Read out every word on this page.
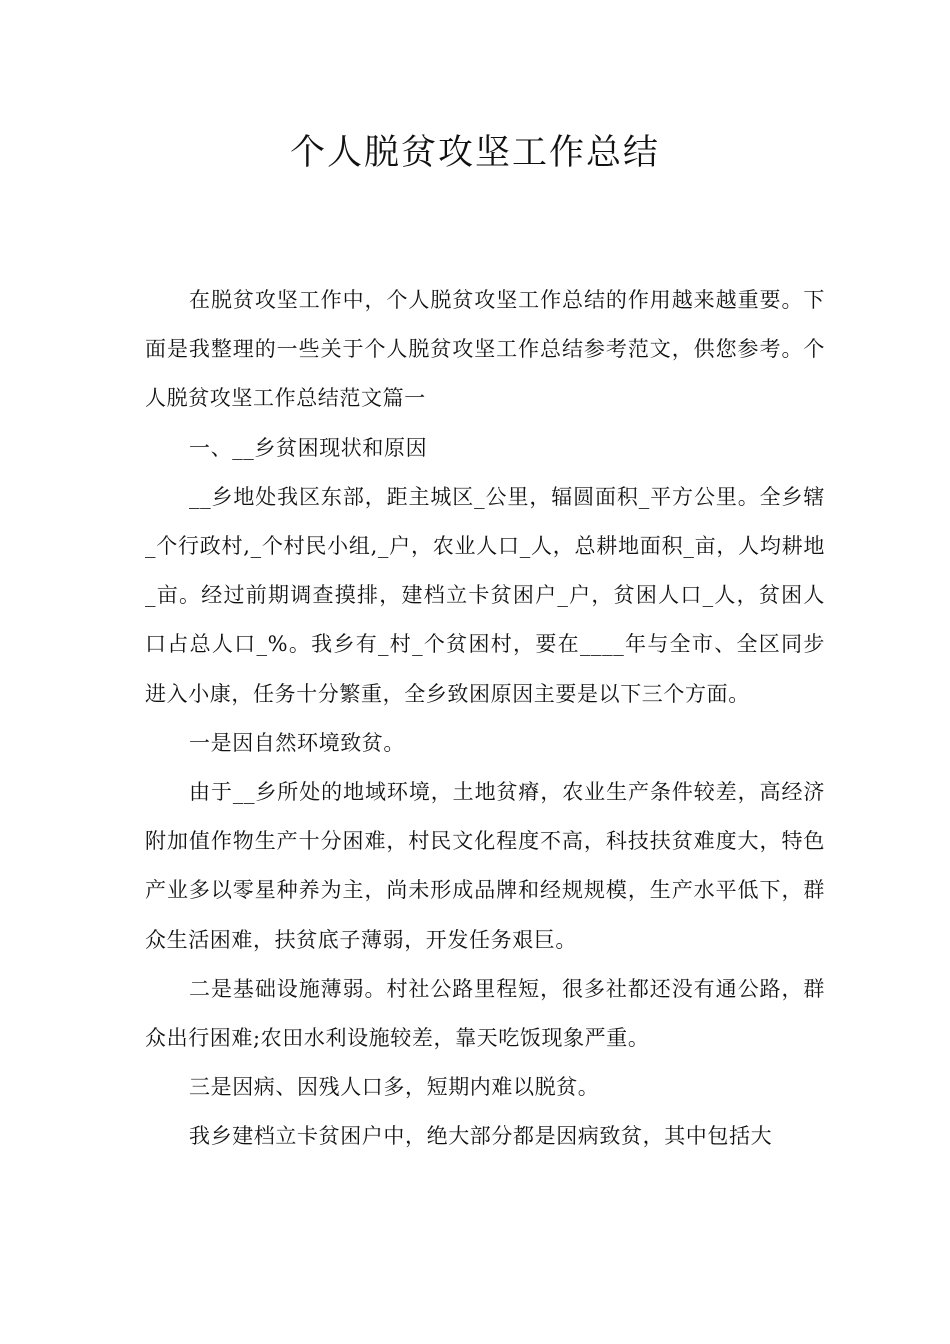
个人脱贫攻坚工作总结

在脱贫攻坚工作中，个人脱贫攻坚工作总结的作用越来越重要。下面是我整理的一些关于个人脱贫攻坚工作总结参考范文，供您参考。个人脱贫攻坚工作总结范文篇一

一、__乡贫困现状和原因

__乡地处我区东部，距主城区_公里，辐圆面积_平方公里。全乡辖_个行政村,_个村民小组,_户，农业人口_人，总耕地面积_亩，人均耕地_亩。经过前期调查摸排，建档立卡贫困户_户，贫困人口_人，贫困人口占总人口_%。我乡有_村_个贫困村，要在____年与全市、全区同步进入小康，任务十分繁重，全乡致困原因主要是以下三个方面。

一是因自然环境致贫。

由于__乡所处的地域环境，土地贫瘠，农业生产条件较差，高经济附加值作物生产十分困难，村民文化程度不高，科技扶贫难度大，特色产业多以零星种养为主，尚未形成品牌和经规规模，生产水平低下，群众生活困难，扶贫底子薄弱，开发任务艰巨。

二是基础设施薄弱。村社公路里程短，很多社都还没有通公路，群众出行困难;农田水利设施较差，靠天吃饭现象严重。

三是因病、因残人口多，短期内难以脱贫。

我乡建档立卡贫困户中，绝大部分都是因病致贫，其中包括大
